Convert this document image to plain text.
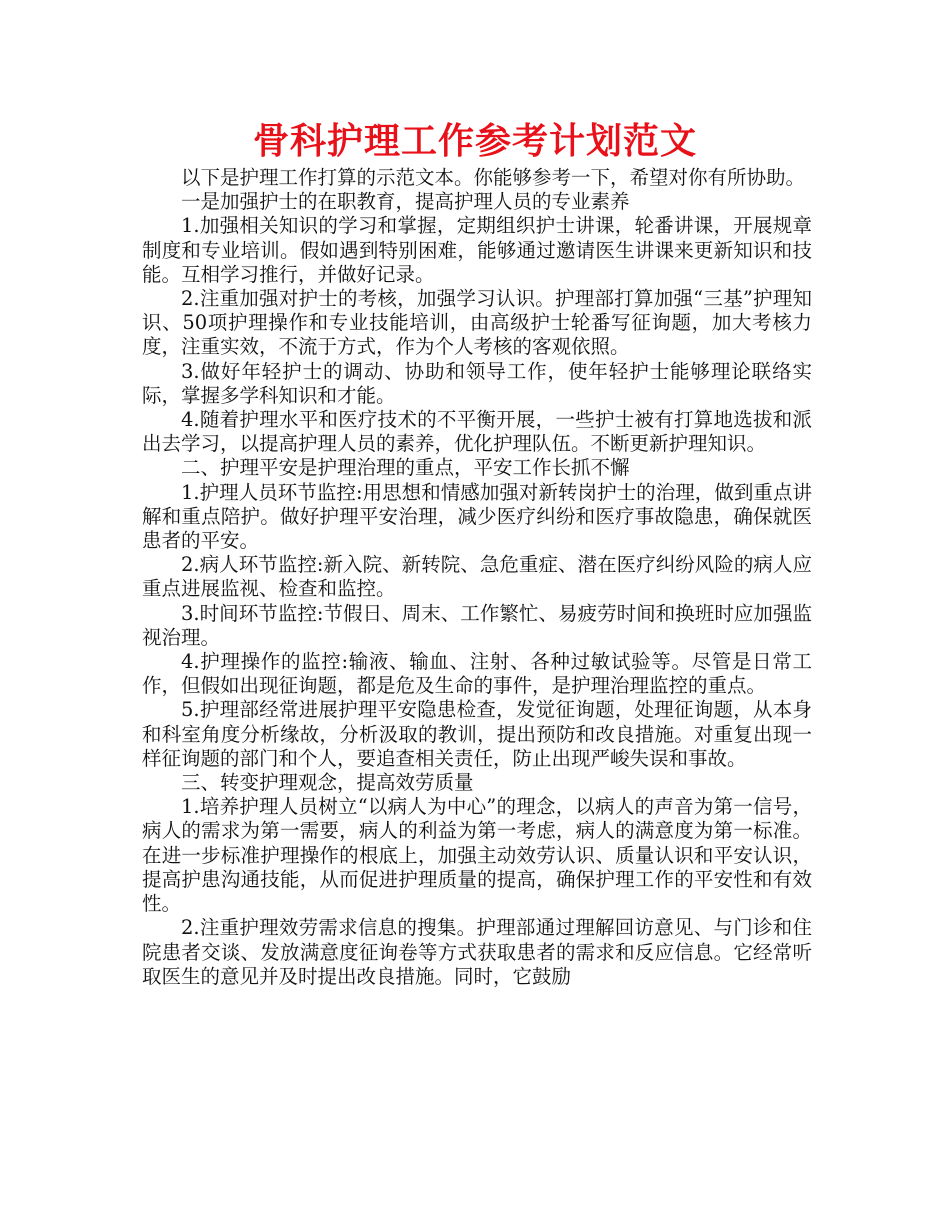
骨科护理工作参考计划范文

以下是护理工作打算的示范文本。你能够参考一下，希望对你有所协助。

一是加强护士的在职教育，提高护理人员的专业素养

1.加强相关知识的学习和掌握，定期组织护士讲课，轮番讲课，开展规章制度和专业培训。假如遇到特别困难，能够通过邀请医生讲课来更新知识和技能。互相学习推行，并做好记录。

2.注重加强对护士的考核，加强学习认识。护理部打算加强“三基”护理知识、50项护理操作和专业技能培训，由高级护士轮番写征询题，加大考核力度，注重实效，不流于方式，作为个人考核的客观依照。

3.做好年轻护士的调动、协助和领导工作，使年轻护士能够理论联络实际，掌握多学科知识和才能。

4.随着护理水平和医疗技术的不平衡开展，一些护士被有打算地选拔和派出去学习，以提高护理人员的素养，优化护理队伍。不断更新护理知识。

二、护理平安是护理治理的重点，平安工作长抓不懈

1.护理人员环节监控:用思想和情感加强对新转岗护士的治理，做到重点讲解和重点陪护。做好护理平安治理，减少医疗纠纷和医疗事故隐患，确保就医患者的平安。

2.病人环节监控:新入院、新转院、急危重症、潜在医疗纠纷风险的病人应重点进展监视、检查和监控。

3.时间环节监控:节假日、周末、工作繁忙、易疲劳时间和换班时应加强监视治理。

4.护理操作的监控:输液、输血、注射、各种过敏试验等。尽管是日常工作，但假如出现征询题，都是危及生命的事件，是护理治理监控的重点。

5.护理部经常进展护理平安隐患检查，发觉征询题，处理征询题，从本身和科室角度分析缘故，分析汲取的教训，提出预防和改良措施。对重复出现一样征询题的部门和个人，要追查相关责任，防止出现严峻失误和事故。

三、转变护理观念，提高效劳质量

1.培养护理人员树立“以病人为中心”的理念，以病人的声音为第一信号，病人的需求为第一需要，病人的利益为第一考虑，病人的满意度为第一标准。在进一步标准护理操作的根底上，加强主动效劳认识、质量认识和平安认识，提高护患沟通技能，从而促进护理质量的提高，确保护理工作的平安性和有效性。

2.注重护理效劳需求信息的搜集。护理部通过理解回访意见、与门诊和住院患者交谈、发放满意度征询卷等方式获取患者的需求和反应信息。它经常听取医生的意见并及时提出改良措施。同时，它鼓励
